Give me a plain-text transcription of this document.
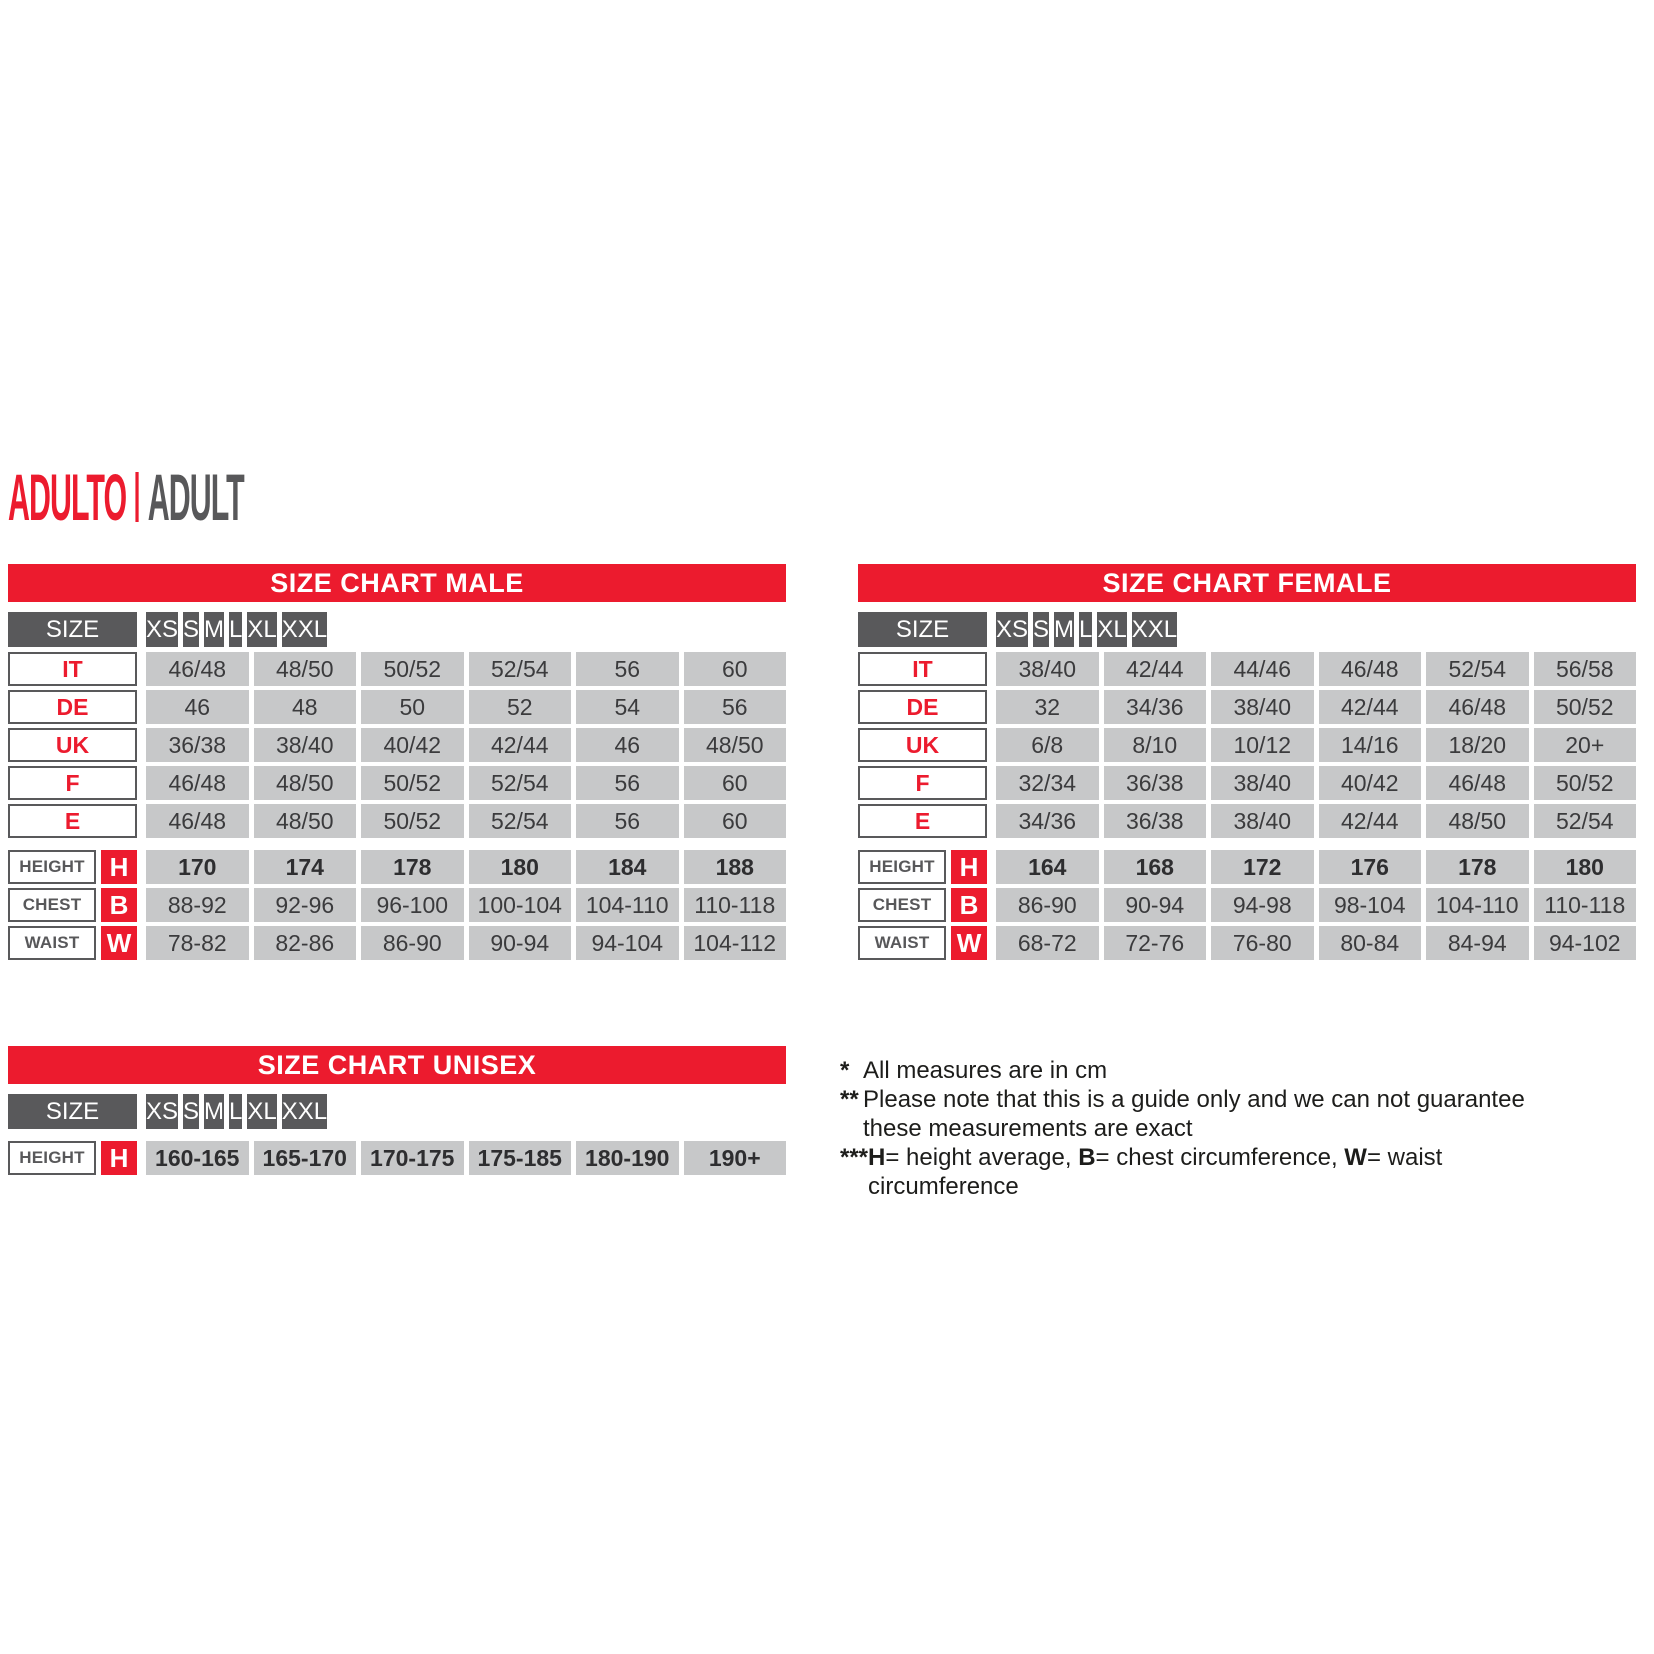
ADULTO ADULT
SIZE CHART MALE
SIZE	XS S M L XL XXL
IT	46/48	48/50	50/52	52/54	56	60
DE	46	48	50	52	54	56
UK	36/38	38/40	40/42	42/44	46	48/50
F	46/48	48/50	50/52	52/54	56	60
E	46/48	48/50	50/52	52/54	56	60
HEIGHT H	170	174	178	180	184	188
CHEST	B	88-92	92-96	96-100	100-104	104-110	110-118
WAIST	W	78-82	82-86	86-90	90-94	94-104	104-112
SIZE CHART FEMALE
SIZE	XS S M L XL XXL
IT	38/40	42/44	44/46	46/48	52/54	56/58
DE	32	34/36	38/40	42/44	46/48	50/52
UK	6/8	8/10	10/12	14/16	18/20	20+
F	32/34	36/38	38/40	40/42	46/48	50/52
E	34/36	36/38	38/40	42/44	48/50	52/54
HEIGHT H	164	168	172	176	178	180
CHEST	B	86-90	90-94	94-98	98-104	104-110	110-118
WAIST	W	68-72	72-76	76-80	80-84	84-94	94-102
SIZE CHART UNISEX
SIZE	XS S M L XL XXL
HEIGHT H	160-165	165-170	170-175	175-185	180-190	190+
* All measures are in cm
** Please note that this is a guide only and we can not guarantee these measurements are exact
*** H= height average, B= chest circumference, W= waist circumference
